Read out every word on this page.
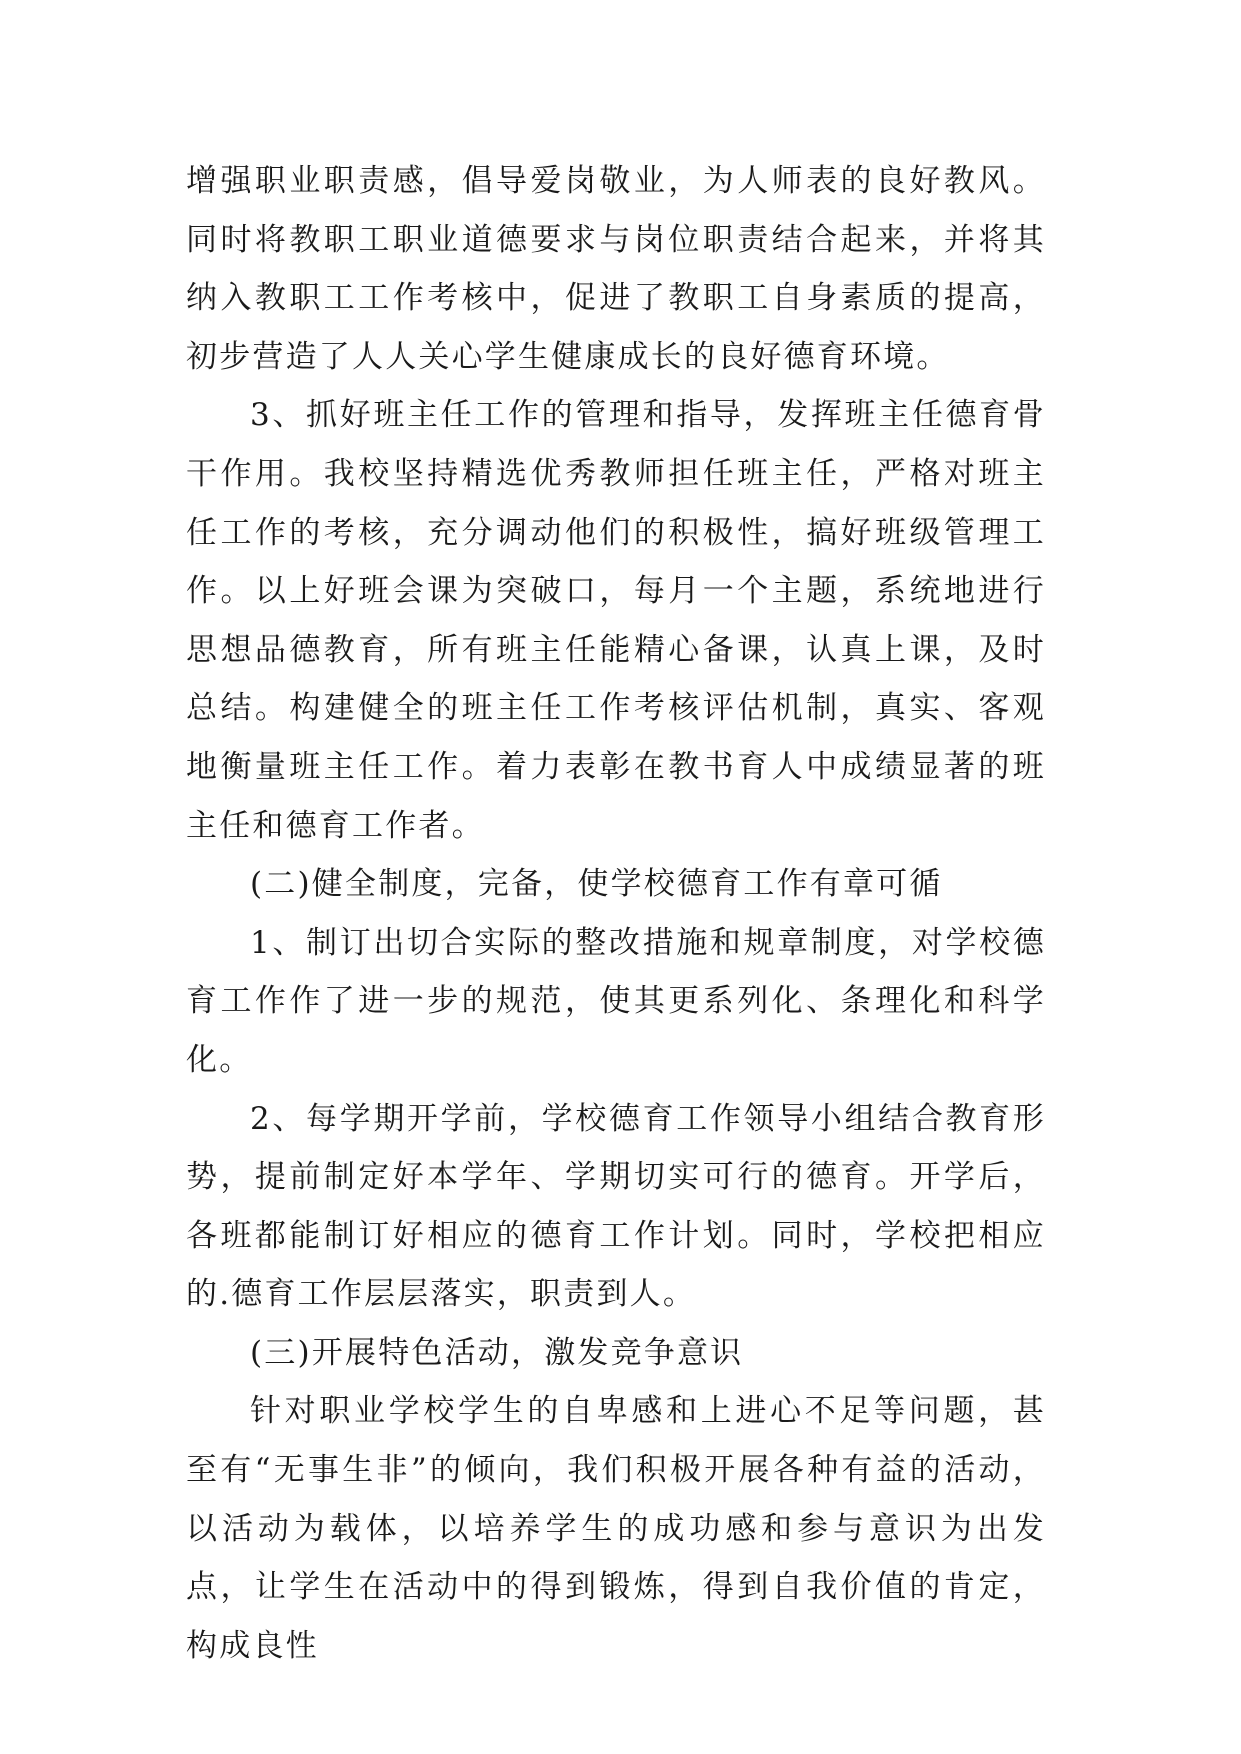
增强职业职责感，倡导爱岗敬业，为人师表的良好教风。同时将教职工职业道德要求与岗位职责结合起来，并将其纳入教职工工作考核中，促进了教职工自身素质的提高，初步营造了人人关心学生健康成长的良好德育环境。

3、抓好班主任工作的管理和指导，发挥班主任德育骨干作用。我校坚持精选优秀教师担任班主任，严格对班主任工作的考核，充分调动他们的积极性，搞好班级管理工作。以上好班会课为突破口，每月一个主题，系统地进行思想品德教育，所有班主任能精心备课，认真上课，及时总结。构建健全的班主任工作考核评估机制，真实、客观地衡量班主任工作。着力表彰在教书育人中成绩显著的班主任和德育工作者。

(二)健全制度，完备，使学校德育工作有章可循

1、制订出切合实际的整改措施和规章制度，对学校德育工作作了进一步的规范，使其更系列化、条理化和科学化。

2、每学期开学前，学校德育工作领导小组结合教育形势，提前制定好本学年、学期切实可行的德育。开学后，各班都能制订好相应的德育工作计划。同时，学校把相应的.德育工作层层落实，职责到人。

(三)开展特色活动，激发竞争意识

针对职业学校学生的自卑感和上进心不足等问题，甚至有“无事生非”的倾向，我们积极开展各种有益的活动，以活动为载体，以培养学生的成功感和参与意识为出发点，让学生在活动中的得到锻炼，得到自我价值的肯定，构成良性
